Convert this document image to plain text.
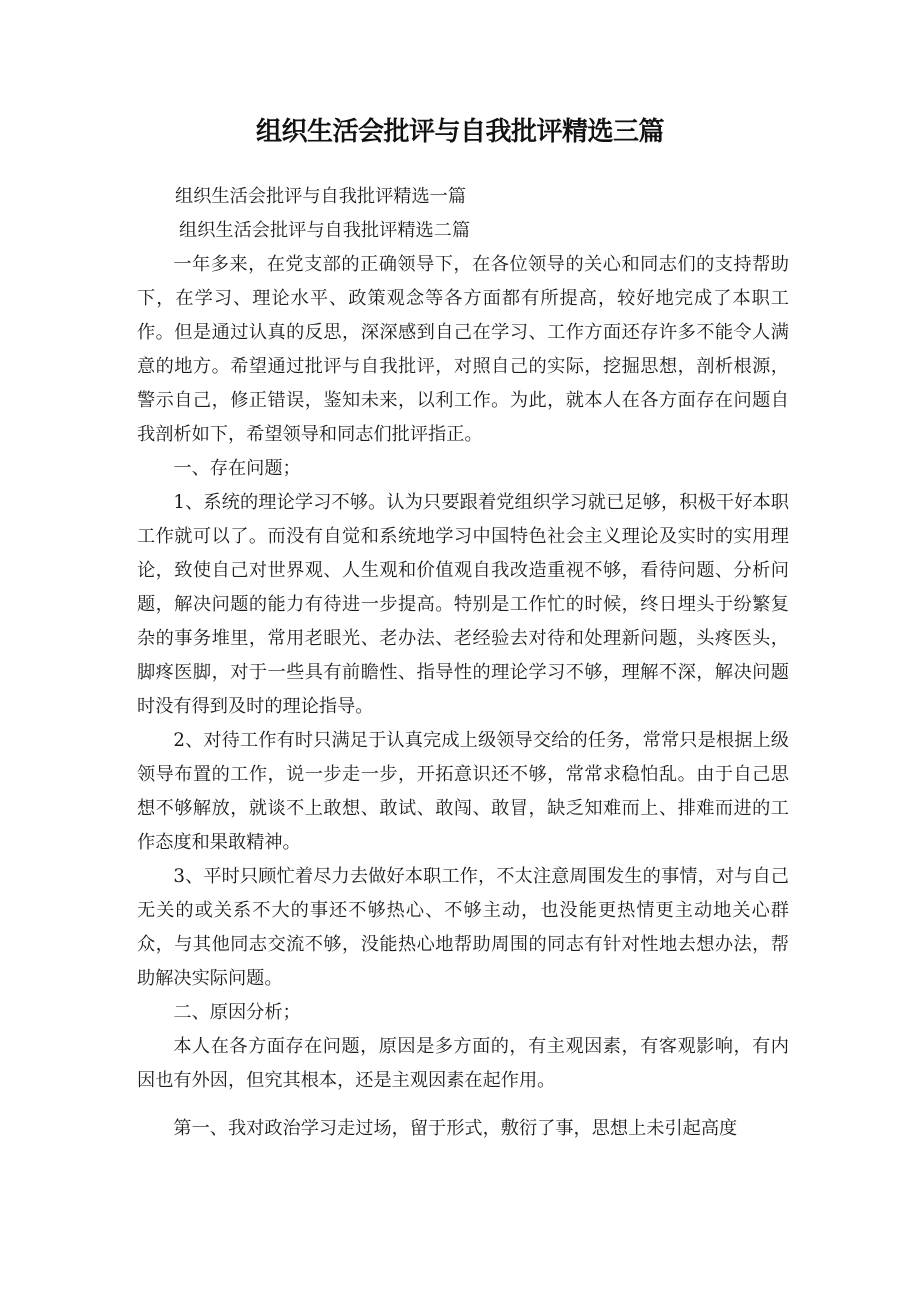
组织生活会批评与自我批评精选三篇

组织生活会批评与自我批评精选一篇

组织生活会批评与自我批评精选二篇

一年多来，在党支部的正确领导下，在各位领导的关心和同志们的支持帮助下，在学习、理论水平、政策观念等各方面都有所提高，较好地完成了本职工作。但是通过认真的反思，深深感到自己在学习、工作方面还存许多不能令人满意的地方。希望通过批评与自我批评，对照自己的实际，挖掘思想，剖析根源，警示自己，修正错误，鉴知未来，以利工作。为此，就本人在各方面存在问题自我剖析如下，希望领导和同志们批评指正。

一、存在问题；

1、系统的理论学习不够。认为只要跟着党组织学习就已足够，积极干好本职工作就可以了。而没有自觉和系统地学习中国特色社会主义理论及实时的实用理论，致使自己对世界观、人生观和价值观自我改造重视不够，看待问题、分析问题，解决问题的能力有待进一步提高。特别是工作忙的时候，终日埋头于纷繁复杂的事务堆里，常用老眼光、老办法、老经验去对待和处理新问题，头疼医头，脚疼医脚，对于一些具有前瞻性、指导性的理论学习不够，理解不深，解决问题时没有得到及时的理论指导。

2、对待工作有时只满足于认真完成上级领导交给的任务，常常只是根据上级领导布置的工作，说一步走一步，开拓意识还不够，常常求稳怕乱。由于自己思想不够解放，就谈不上敢想、敢试、敢闯、敢冒，缺乏知难而上、排难而进的工作态度和果敢精神。

3、平时只顾忙着尽力去做好本职工作，不太注意周围发生的事情，对与自己无关的或关系不大的事还不够热心、不够主动，也没能更热情更主动地关心群众，与其他同志交流不够，没能热心地帮助周围的同志有针对性地去想办法，帮助解决实际问题。

二、原因分析；

本人在各方面存在问题，原因是多方面的，有主观因素，有客观影响，有内因也有外因，但究其根本，还是主观因素在起作用。

第一、我对政治学习走过场，留于形式，敷衍了事，思想上未引起高度
